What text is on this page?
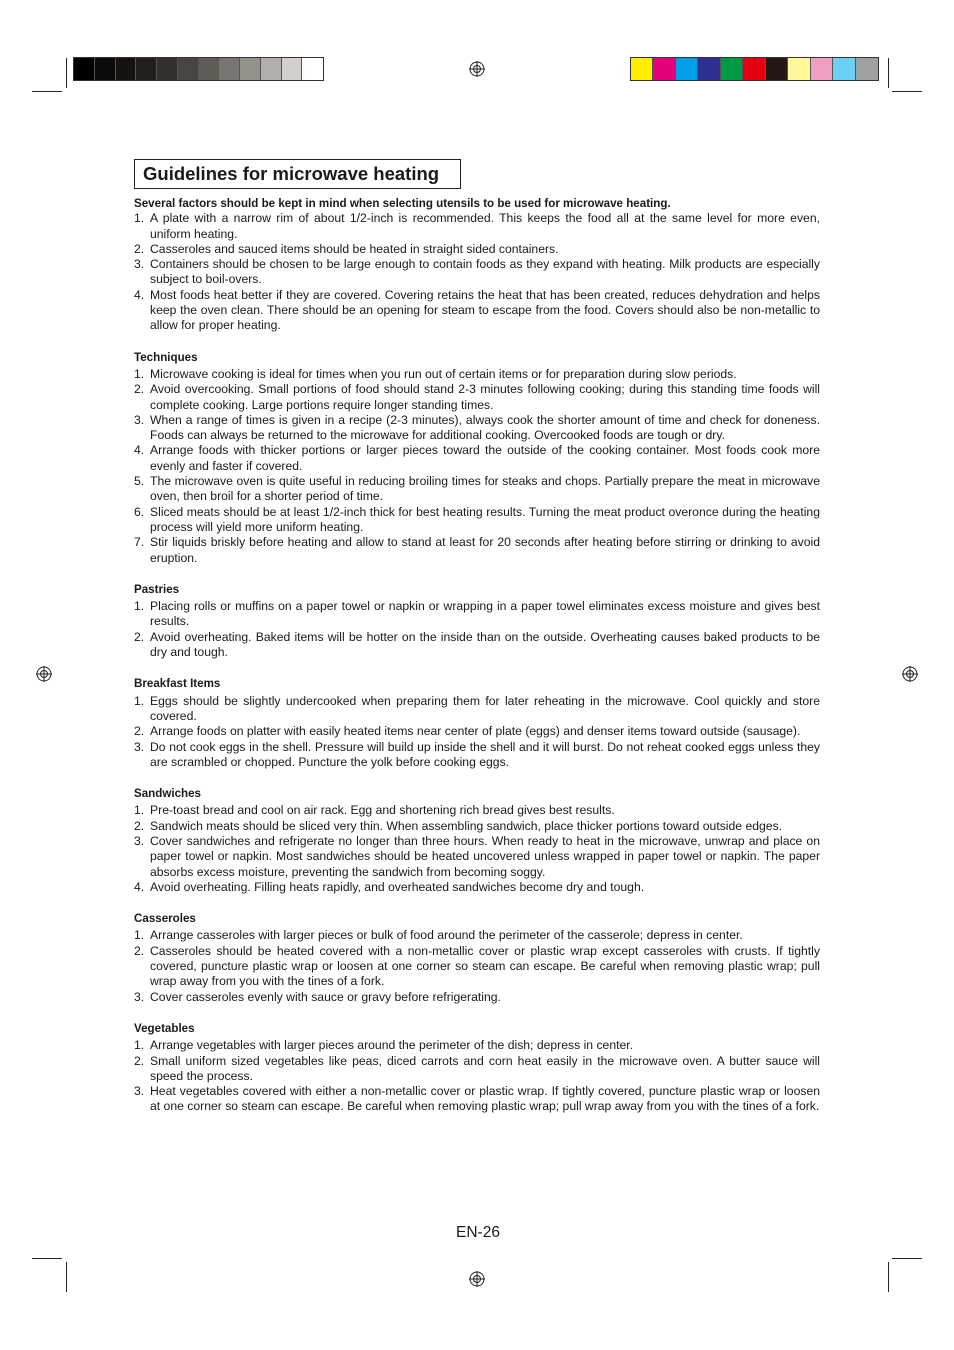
Guidelines for microwave heating

Several factors should be kept in mind when selecting utensils to be used for microwave heating.

1. A plate with a narrow rim of about 1/2-inch is recommended. This keeps the food all at the same level for more even, uniform heating.
2. Casseroles and sauced items should be heated in straight sided containers.
3. Containers should be chosen to be large enough to contain foods as they expand with heating. Milk products are especially subject to boil-overs.
4. Most foods heat better if they are covered. Covering retains the heat that has been created, reduces dehydration and helps keep the oven clean. There should be an opening for steam to escape from the food. Covers should also be non-metallic to allow for proper heating.
Techniques
1. Microwave cooking is ideal for times when you run out of certain items or for preparation during slow periods.
2. Avoid overcooking. Small portions of food should stand 2-3 minutes following cooking; during this standing time foods will complete cooking. Large portions require longer standing times.
3. When a range of times is given in a recipe (2-3 minutes), always cook the shorter amount of time and check for doneness. Foods can always be returned to the microwave for additional cooking. Overcooked foods are tough or dry.
4. Arrange foods with thicker portions or larger pieces toward the outside of the cooking container. Most foods cook more evenly and faster if covered.
5. The microwave oven is quite useful in reducing broiling times for steaks and chops. Partially prepare the meat in microwave oven, then broil for a shorter period of time.
6. Sliced meats should be at least 1/2-inch thick for best heating results. Turning the meat product overonce during the heating process will yield more uniform heating.
7. Stir liquids briskly before heating and allow to stand at least for 20 seconds after heating before stirring or drinking to avoid eruption.
Pastries
1. Placing rolls or muffins on a paper towel or napkin or wrapping in a paper towel eliminates excess moisture and gives best results.
2. Avoid overheating. Baked items will be hotter on the inside than on the outside. Overheating causes baked products to be dry and tough.
Breakfast Items
1. Eggs should be slightly undercooked when preparing them for later reheating in the microwave. Cool quickly and store covered.
2. Arrange foods on platter with easily heated items near center of plate (eggs) and denser items toward outside (sausage).
3. Do not cook eggs in the shell. Pressure will build up inside the shell and it will burst. Do not reheat cooked eggs unless they are scrambled or chopped. Puncture the yolk before cooking eggs.
Sandwiches
1. Pre-toast bread and cool on air rack. Egg and shortening rich bread gives best results.
2. Sandwich meats should be sliced very thin. When assembling sandwich, place thicker portions toward outside edges.
3. Cover sandwiches and refrigerate no longer than three hours. When ready to heat in the microwave, unwrap and place on paper towel or napkin. Most sandwiches should be heated uncovered unless wrapped in paper towel or napkin. The paper absorbs excess moisture, preventing the sandwich from becoming soggy.
4. Avoid overheating. Filling heats rapidly, and overheated sandwiches become dry and tough.
Casseroles
1. Arrange casseroles with larger pieces or bulk of food around the perimeter of the casserole; depress in center.
2. Casseroles should be heated covered with a non-metallic cover or plastic wrap except casseroles with crusts. If tightly covered, puncture plastic wrap or loosen at one corner so steam can escape. Be careful when removing plastic wrap; pull wrap away from you with the tines of a fork.
3. Cover casseroles evenly with sauce or gravy before refrigerating.
Vegetables
1. Arrange vegetables with larger pieces around the perimeter of the dish; depress in center.
2. Small uniform sized vegetables like peas, diced carrots and corn heat easily in the microwave oven. A butter sauce will speed the process.
3. Heat vegetables covered with either a non-metallic cover or plastic wrap. If tightly covered, puncture plastic wrap or loosen at one corner so steam can escape. Be careful when removing plastic wrap; pull wrap away from you with the tines of a fork.
EN-26
